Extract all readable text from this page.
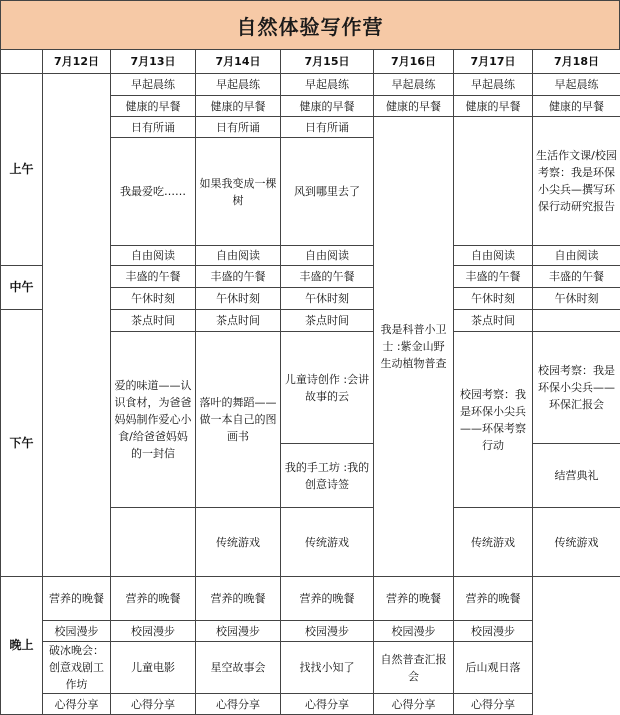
自然体验写作营
	7月12日	7月13日	7月14日	7月15日	7月16日	7月17日	7月18日	
上午		早起晨练	早起晨练	早起晨练	早起晨练	早起晨练	早起晨练	
		健康的早餐	健康的早餐	健康的早餐	健康的早餐	健康的早餐	健康的早餐	
		日有所诵	日有所诵	日有所诵	我是科普小卫士 :紫金山野生动植物普查		生活作文课/校园考察：我是环保小尖兵—撰写环保行动研究报告	
		我最爱吃……	如果我变成一棵树	风到哪里去了				

		自由阅读	自由阅读	自由阅读		自由阅读	自由阅读	
中午		丰盛的午餐	丰盛的午餐	丰盛的午餐		丰盛的午餐	丰盛的午餐	
		午休时刻	午休时刻	午休时刻		午休时刻	午休时刻	
下午		茶点时间	茶点时间	茶点时间		茶点时间		
		爱的味道——认识食材，为爸爸妈妈制作爱心小食/给爸爸妈妈的一封信	落叶的舞蹈——做一本自己的图画书	儿童诗创作 :会讲故事的云		校园考察：我是环保小尖兵——环保考察行动	校园考察：我是环保小尖兵——环保汇报会	
				我的手工坊 :我的创意诗签			结营典礼	
			传统游戏	传统游戏		传统游戏	传统游戏		
晚上	营养的晚餐	营养的晚餐	营养的晚餐	营养的晚餐	营养的晚餐	营养的晚餐		
	校园漫步	校园漫步	校园漫步	校园漫步	校园漫步	校园漫步		
	破冰晚会：创意戏剧工作坊	儿童电影	星空故事会	找找小知了	自然普查汇报会	后山观日落		
	心得分享	心得分享	心得分享	心得分享	心得分享	心得分享		
